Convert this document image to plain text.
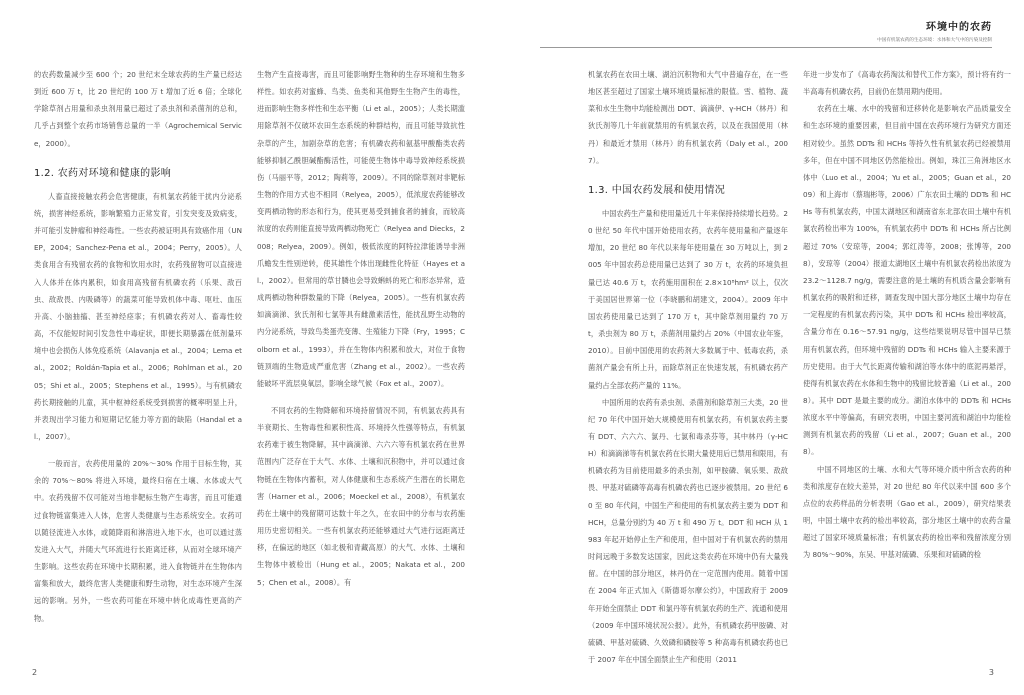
的农药数量减少至 600 个；20 世纪末全球农药的生产量已经达到近 600 万 t，比 20 世纪的 100 万 t 增加了近 6 倍；全球化学除草剂占用量和杀虫剂用量已超过了杀虫剂和杀菌剂的总和，几乎占到整个农药市场销售总量的一半（Agrochemical Service，2000）。

1.2. 农药对环境和健康的影响

人畜直接接触农药会危害健康，有机氯农药能干扰内分泌系统，损害神经系统，影响繁殖力正常发育，引发突变及致病变，并可能引发肿瘤和神经毒性。一些农药被证明具有致癌作用（UNEP，2004；Sanchez-Pena et al.，2004；Perry，2005）。人类食用含有残留农药的食物和饮用水时，农药残留物可以直接进入人体并在体内累积，如食用高残留有机磷农药（乐果、敌百虫、敌敌畏、内吸磷等）的蔬菜可能导致机体中毒、呕吐、血压升高、小脑抽搐、甚至神经痉挛；有机磷农药对人、畜毒性较高，不仅能短时间引发急性中毒症状，即便长期暴露在低剂量环境中也会损伤人体免疫系统（Alavanja et al.，2004；Lema et al.，2002；Roldán-Tapia et al.，2006；Rohlman et al.，2005；Shi et al.，2005；Stephens et al.，1995）。与有机磷农药长期接触的儿童，其中枢神经系统受到损害的概率明显上升，并表现出学习能力和短期记忆能力等方面的缺陷（Handal et al.，2007）。

一般而言，农药使用量的 20%～30% 作用于目标生物，其余的 70%～80% 将进入环境，最终归宿在土壤、水体或大气中。农药残留不仅可能对当地非靶标生物产生毒害，而且可能通过食物链富集进入人体，危害人类健康与生态系统安全。农药可以随径流进入水体，或随降雨和淋溶进入地下水，也可以通过蒸发进入大气，并随大气环流进行长距离迁移，从而对全球环境产生影响。这些农药在环境中长期积累，进入食物链并在生物体内富集和放大，最终危害人类健康和野生动物，对生态环境产生深远的影响。另外，一些农药可能在环境中转化成毒性更高的产物。

生物产生直接毒害，而且可能影响野生物种的生存环境和生物多样性。如农药对蜜蜂、鸟类、鱼类和其他野生生物产生的毒性，进而影响生物多样性和生态平衡（Li et al.，2005）；人类长期滥用除草剂不仅破坏农田生态系统的种群结构，而且可能导致抗性杂草的产生，加剧杂草的危害；有机磷农药和氨基甲酸酯类农药能够抑制乙酰胆碱酯酶活性，可能使生物体中毒导致神经系统损伤（马丽平等，2012；陶莉等，2009）。不同的除草剂对非靶标生物的作用方式也不相同（Relyea，2005），低浓度农药能够改变两栖动物的形态和行为，使其更易受到捕食者的捕食，而较高浓度的农药则能直接导致两栖动物死亡（Relyea and Diecks，2008；Relyea，2009）。例如，极低浓度的阿特拉津能诱导非洲爪蟾发生性别逆转，使其雄性个体出现雌性化特征（Hayes et al.，2002）。但常用的草甘膦也会导致蝌蚪的死亡和形态异常，造成两栖动物种群数量的下降（Relyea，2005）。一些有机氯农药如滴滴涕、狄氏剂和七氯等具有雌激素活性，能扰乱野生动物的内分泌系统，导致鸟类蛋壳变薄、生殖能力下降（Fry，1995；Colborn et al.，1993），并在生物体内积累和放大，对位于食物链顶端的生物造成严重危害（Zhang et al.，2002）。一些农药能破坏平流层臭氧层，影响全球气候（Fox et al.，2007）。

不同农药的生物降解和环境持留情况不同，有机氯农药具有半衰期长、生物毒性和累积性高、环境持久性强等特点，有机氯农药难于被生物降解，其中滴滴涕、六六六等有机氯农药在世界范围内广泛存在于大气、水体、土壤和沉积物中，并可以通过食物链在生物体内蓄积，对人体健康和生态系统产生潜在的长期危害（Harner et al.，2006；Moeckel et al.，2008），有机氯农药在土壤中的残留期可达数十年之久，在农田中的分布与农药施用历史密切相关。一些有机氯农药还能够通过大气进行远距离迁移，在偏远的地区（如北极和青藏高原）的大气、水体、土壤和生物体中被检出（Hung et al.，2005；Nakata et al.，2005；Chen et al.，2008）。有

2
环境中的农药
中国有机氯农药的生态环境：水体和大气中的污染及控制

机氯农药在农田土壤、湖泊沉积物和大气中普遍存在，在一些地区甚至超过了国家土壤环境质量标准的限值。雪、植物、蔬菜和水生生物中均能检测出 DDT、滴滴伊、γ-HCH（林丹）和狄氏剂等几十年前就禁用的有机氯农药，以及在我国使用（林丹）和最近才禁用（林丹）的有机氯农药（Daly et al.，2007）。

1.3. 中国农药发展和使用情况

中国农药生产量和使用量近几十年来保持持续增长趋势。20 世纪 50 年代中国开始使用农药，农药年使用量和产量逐年增加，20 世纪 80 年代以来每年使用量在 30 万吨以上，到 2005 年中国农药总使用量已达到了 30 万 t，农药的环境负担量已达 40.6 万 t，农药施用面积在 2.8×10⁸hm² 以上，仅次于美国居世界第一位（李晓鹏和胡建文，2004）。2009 年中国农药使用量已达到了 170 万 t，其中除草剂用量约 70 万 t，杀虫剂为 80 万 t，杀菌剂用量约占 20%（中国农业年鉴，2010）。目前中国使用的农药剂大多数属于中、低毒农药，杀菌剂产量会有所上升，而除草剂正在快速发展，有机磷农药产量约占全部农药产量的 11%。

中国所用的农药有杀虫剂、杀菌剂和除草剂三大类，20 世纪 70 年代中国开始大规模使用有机氯农药，有机氯农药主要有 DDT、六六六、氯丹、七氯和毒杀芬等，其中林丹（γ-HCH）和滴滴涕等有机氯农药在长期大量使用后已禁用和限用，有机磷农药为目前使用最多的杀虫剂，如甲胺磷、氧乐果、敌敌畏、甲基对硫磷等高毒有机磷农药也已逐步被禁用。20 世纪 60 至 80 年代间，中国生产和使用的有机氯农药主要为 DDT 和 HCH，总量分别约为 40 万 t 和 490 万 t。DDT 和 HCH 从 1983 年起开始停止生产和使用，但中国对于有机氯农药的禁用时间远晚于多数发达国家，因此这类农药在环境中仍有大量残留。在中国的部分地区，林丹仍在一定范围内使用。随着中国在 2004 年正式加入《斯德哥尔摩公约》，中国政府于 2009 年开始全面禁止 DDT 和氯丹等有机氯农药的生产、流通和使用（2009 年中国环境状况公报）。此外，有机磷农药甲胺磷、对硫磷、甲基对硫磷、久效磷和磷胺等 5 种高毒有机磷农药也已于 2007 年在中国全面禁止生产和使用（2011

年进一步发布了《高毒农药淘汰和替代工作方案》，预计将有约一半高毒有机磷农药，目前仍在禁用期内使用。

农药在土壤、水中的残留和迁移转化是影响农产品质量安全和生态环境的重要因素，但目前中国在农药环境行为研究方面还相对较少。虽然 DDTs 和 HCHs 等持久性有机氯农药已经被禁用多年，但在中国不同地区仍然能检出。例如，珠江三角洲地区水体中（Luo et al.，2004；Yu et al.，2005；Guan et al.，2009）和上海市（蔡瑞彬等，2006）广东农田土壤的 DDTs 和 HCHs 等有机氯农药，中国太湖地区和湖南省东北部农田土壤中有机氯农药检出率为 100%，有机氯农药中 DDTs 和 HCHs 所占比例超过 70%（安琼等，2004；郭红涛等，2008；张博等，2008），安琼等（2004）报道太湖地区土壤中有机氯农药检出浓度为 23.2～1128.7 ng/g，需要注意的是土壤的有机质含量会影响有机氯农药的吸附和迁移，调查发现中国大部分地区土壤中均存在一定程度的有机氯农药污染，其中 DDTs 和 HCHs 检出率较高，含量分布在 0.16～57.91 ng/g，这些结果说明尽管中国早已禁用有机氯农药，但环境中残留的 DDTs 和 HCHs 输入主要来源于历史使用。由于大气长距离传输和湖泊等水体中的底泥再悬浮，使得有机氯农药在水体和生物中的残留比较普遍（Li et al.，2008）。其中 DDT 是最主要的成分。湖泊水体中的 DDTs 和 HCHs 浓度水平中等偏高，有研究表明，中国主要河流和湖泊中均能检测到有机氯农药的残留（Li et al.，2007；Guan et al.，2008）。

中国不同地区的土壤、水和大气等环境介质中所含农药的种类和浓度存在较大差异，对 20 世纪 80 年代以来中国 600 多个点位的农药样品的分析表明（Gao et al.，2009），研究结果表明，中国土壤中农药的检出率较高，部分地区土壤中的农药含量超过了国家环境质量标准；有机氯农药的检出率和残留浓度分别为 80%～90%，东吴、甲基对硫磷、乐果和对硫磷的检

3
